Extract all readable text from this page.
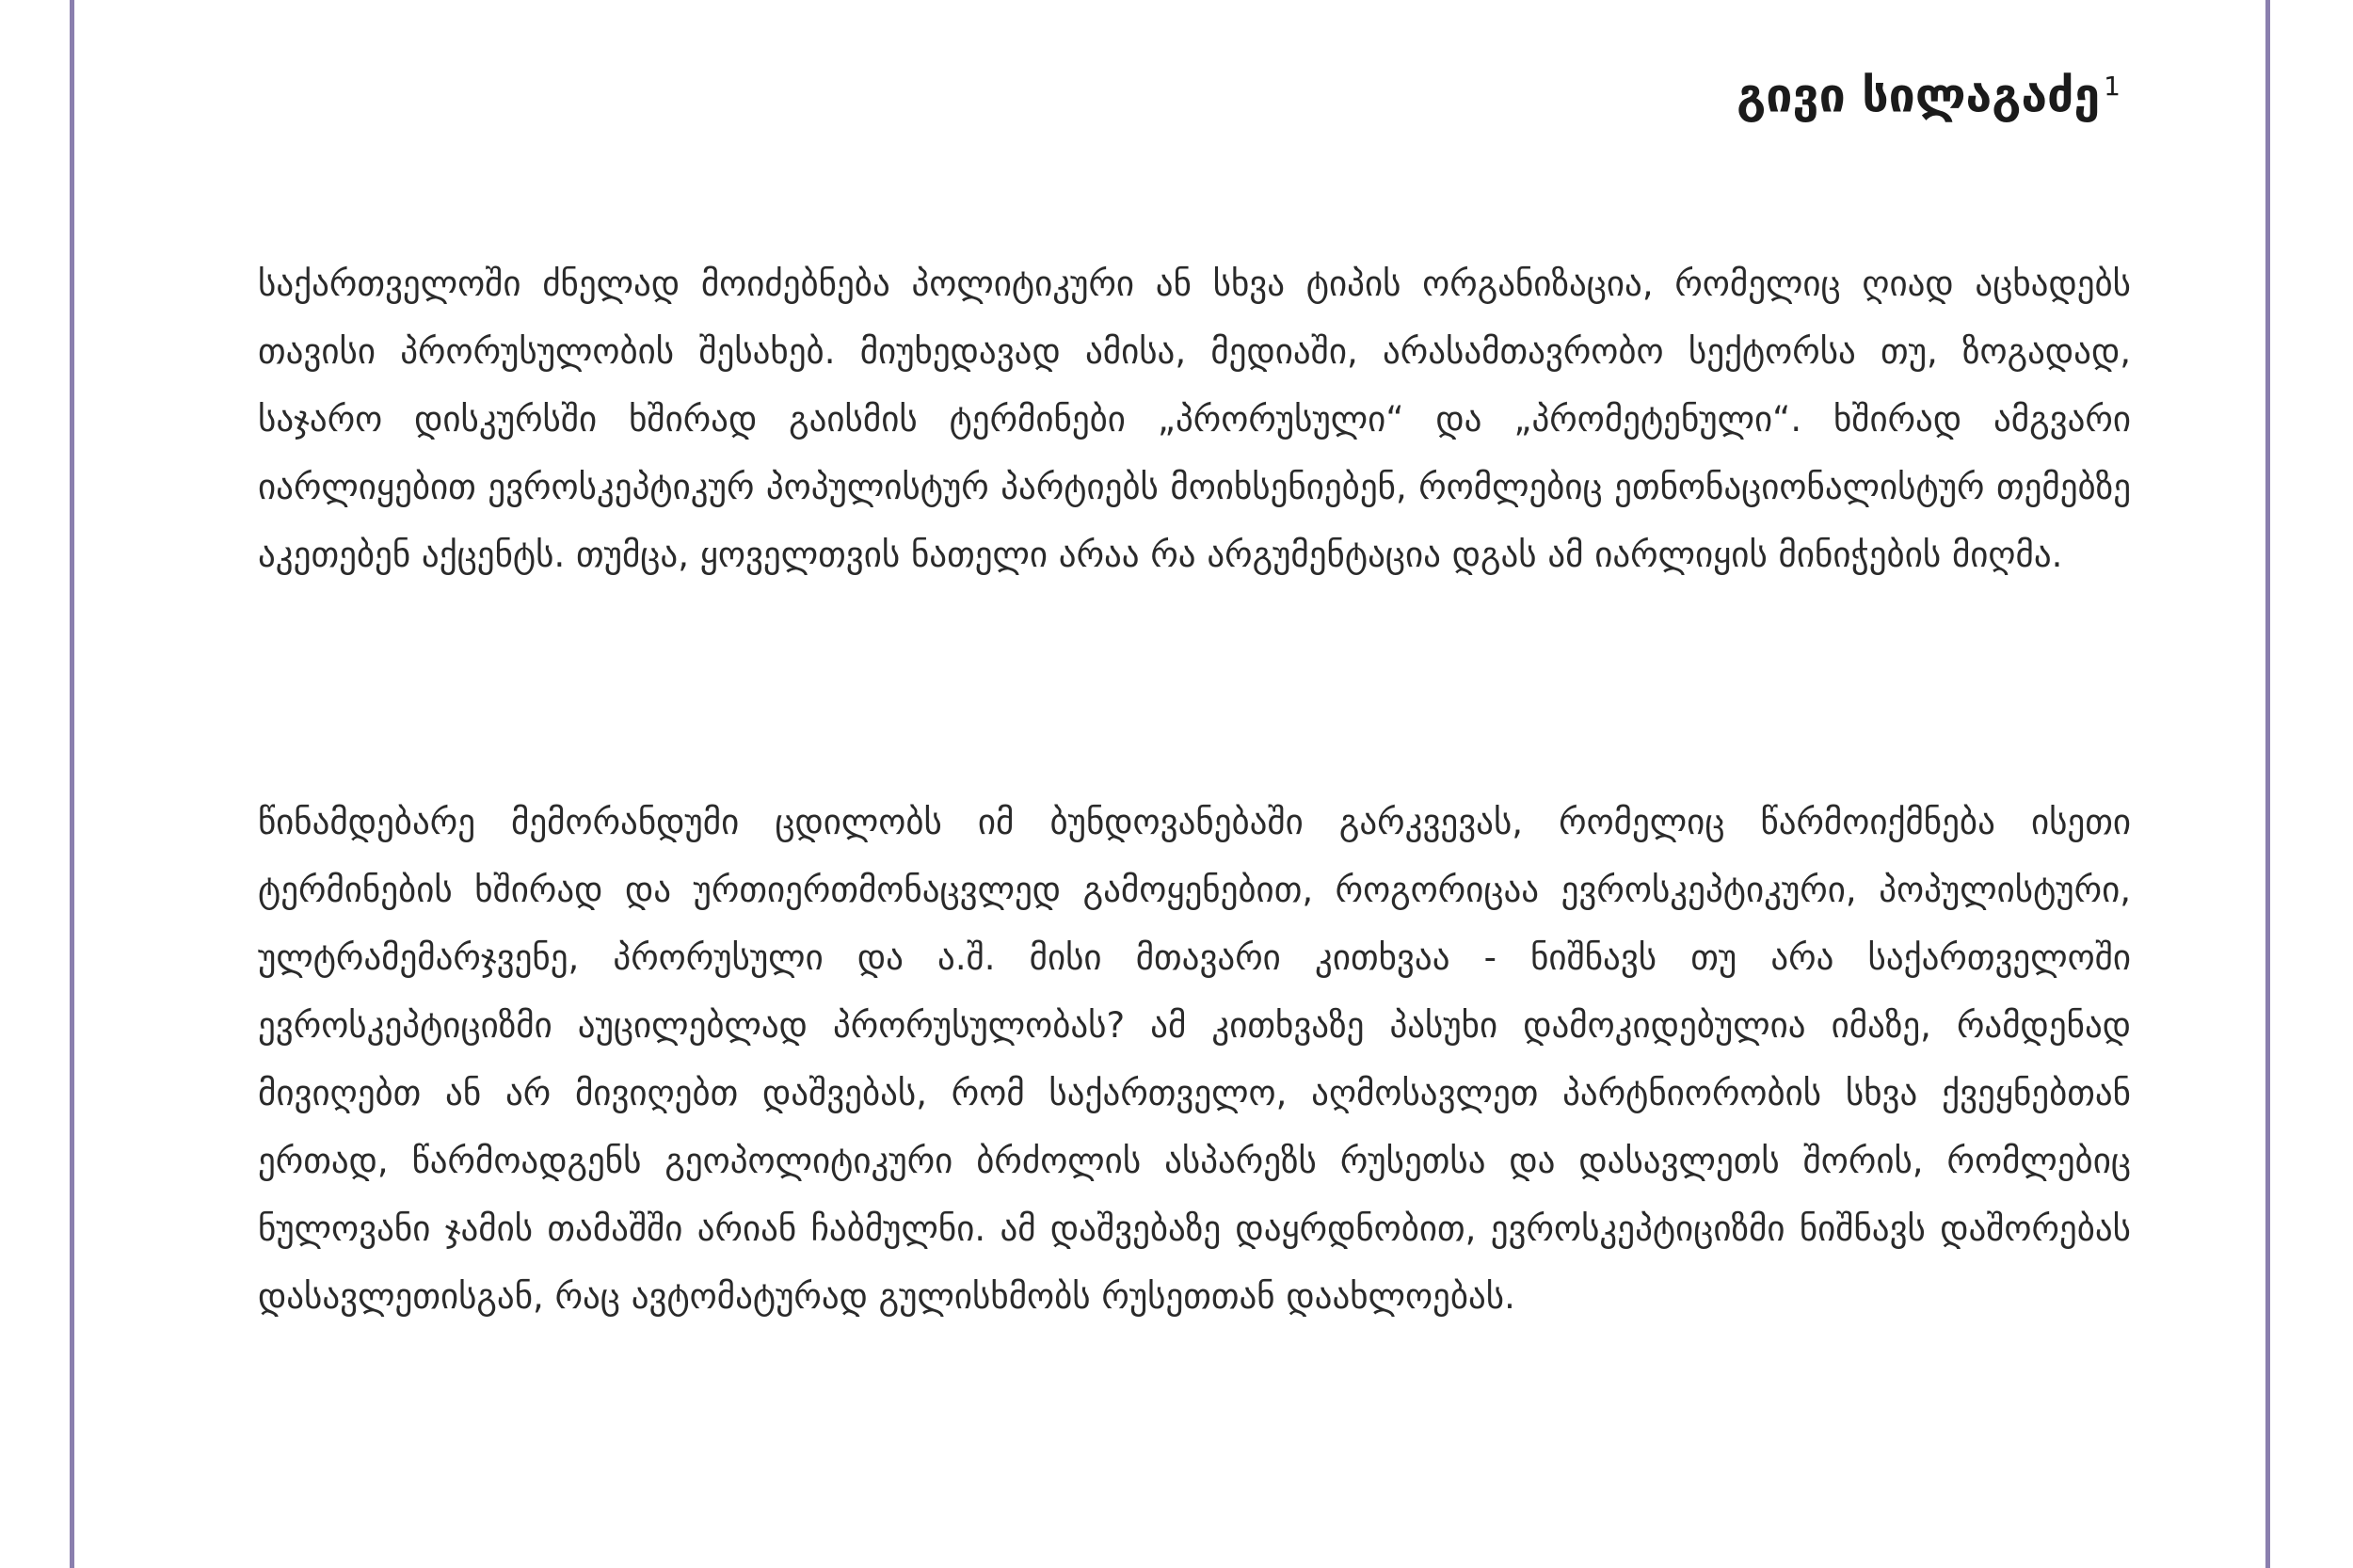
გივი სილაგაძე $^1$

საქართველოში ძნელად მოიძებნება პოლიტიკური ან სხვა ტიპის ორგანიზაცია, რომელიც ღიად აცხადებს თავისი პრორუსულობის შესახებ. მიუხედავად ამისა, მედიაში, არასამთავრობო სექტორსა თუ, ზოგადად, საჯარო დისკურსში ხშირად გაისმის ტერმინები „პრორუსული“ და „პრომეტენული“. ხშირად ამგვარი იარლიყებით ევროსკეპტიკურ პოპულისტურ პარტიებს მოიხსენიებენ, რომლებიც ეთნონაციონალისტურ თემებზე აკეთებენ აქცენტს. თუმცა, ყოველთვის ნათელი არაა რა არგუმენტაცია დგას ამ იარლიყის მინიჭების მიღმა.

წინამდებარე მემორანდუმი ცდილობს იმ ბუნდოვანებაში გარკვევას, რომელიც წარმოიქმნება ისეთი ტერმინების ხშირად და ურთიერთმონაცვლედ გამოყენებით, როგორიცაა ევროსკეპტიკური, პოპულისტური, ულტრამემარჯვენე, პრორუსული და ა.შ. მისი მთავარი კითხვაა - ნიშნავს თუ არა საქართველოში ევროსკეპტიციზმი აუცილებლად პრორუსულობას? ამ კითხვაზე პასუხი დამოკიდებულია იმაზე, რამდენად მივიღებთ ან არ მივიღებთ დაშვებას, რომ საქართველო, აღმოსავლეთ პარტნიორობის სხვა ქვეყნებთან ერთად, წარმოადგენს გეოპოლიტიკური ბრძოლის ასპარეზს რუსეთსა და დასავლეთს შორის, რომლებიც ნულოვანი ჯამის თამაშში არიან ჩაბმულნი. ამ დაშვებაზე დაყრდნობით, ევროსკეპტიციზმი ნიშნავს დაშორებას დასავლეთისგან, რაც ავტომატურად გულისხმობს რუსეთთან დაახლოებას.
